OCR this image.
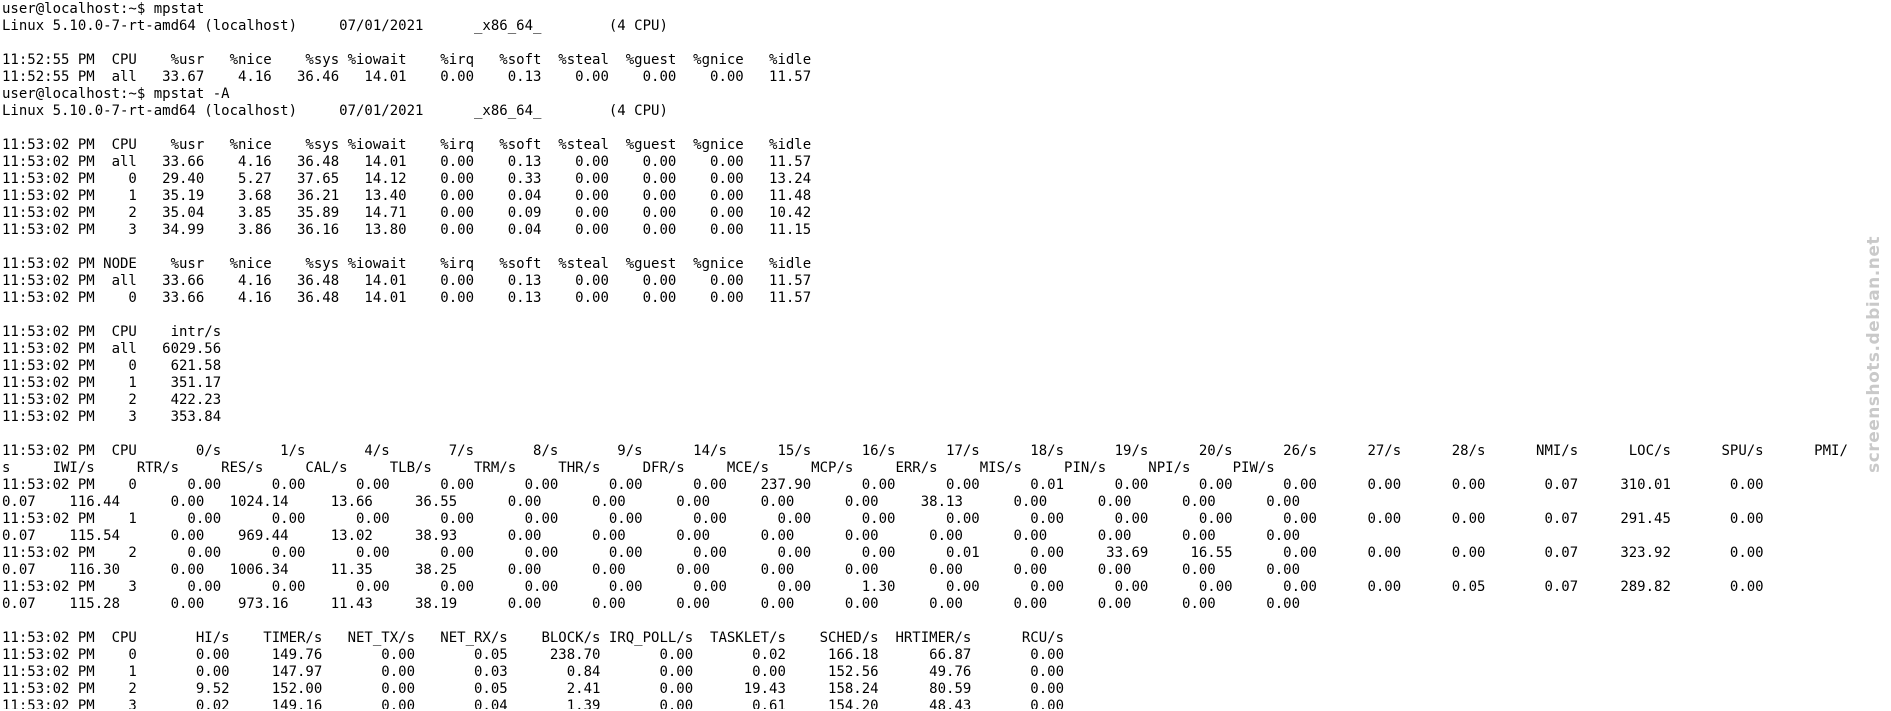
user@localhost:~$ mpstat
Linux 5.10.0-7-rt-amd64 (localhost)     07/01/2021      _x86_64_        (4 CPU)
11:52:55 PM  CPU    %usr   %nice    %sys %iowait    %irq   %soft  %steal  %guest  %gnice   %idle
11:52:55 PM  all   33.67    4.16   36.46   14.01    0.00    0.13    0.00    0.00    0.00   11.57
user@localhost:~$ mpstat -A
Linux 5.10.0-7-rt-amd64 (localhost)     07/01/2021      _x86_64_        (4 CPU)
11:53:02 PM  CPU    %usr   %nice    %sys %iowait    %irq   %soft  %steal  %guest  %gnice   %idle
11:53:02 PM  all   33.66    4.16   36.48   14.01    0.00    0.13    0.00    0.00    0.00   11.57
11:53:02 PM    0   29.40    5.27   37.65   14.12    0.00    0.33    0.00    0.00    0.00   13.24
11:53:02 PM    1   35.19    3.68   36.21   13.40    0.00    0.04    0.00    0.00    0.00   11.48
11:53:02 PM    2   35.04    3.85   35.89   14.71    0.00    0.09    0.00    0.00    0.00   10.42
11:53:02 PM    3   34.99    3.86   36.16   13.80    0.00    0.04    0.00    0.00    0.00   11.15
11:53:02 PM NODE    %usr   %nice    %sys %iowait    %irq   %soft  %steal  %guest  %gnice   %idle
11:53:02 PM  all   33.66    4.16   36.48   14.01    0.00    0.13    0.00    0.00    0.00   11.57
11:53:02 PM    0   33.66    4.16   36.48   14.01    0.00    0.13    0.00    0.00    0.00   11.57
11:53:02 PM  CPU    intr/s
11:53:02 PM  all   6029.56
11:53:02 PM    0    621.58
11:53:02 PM    1    351.17
11:53:02 PM    2    422.23
11:53:02 PM    3    353.84
11:53:02 PM  CPU       0/s       1/s       4/s       7/s       8/s       9/s      14/s      15/s      16/s      17/s      18/s      19/s      20/s      26/s      27/s      28/s      NMI/s      LOC/s      SPU/s      PMI/
s     IWI/s     RTR/s     RES/s     CAL/s     TLB/s     TRM/s     THR/s     DFR/s     MCE/s     MCP/s     ERR/s     MIS/s     PIN/s     NPI/s     PIW/s
11:53:02 PM    0      0.00      0.00      0.00      0.00      0.00      0.00      0.00    237.90      0.00      0.00      0.01      0.00      0.00      0.00      0.00      0.00       0.07     310.01       0.00
0.07    116.44      0.00   1024.14     13.66     36.55      0.00      0.00      0.00      0.00      0.00     38.13      0.00      0.00      0.00      0.00
11:53:02 PM    1      0.00      0.00      0.00      0.00      0.00      0.00      0.00      0.00      0.00      0.00      0.00      0.00      0.00      0.00      0.00      0.00       0.07     291.45       0.00
0.07    115.54      0.00    969.44     13.02     38.93      0.00      0.00      0.00      0.00      0.00      0.00      0.00      0.00      0.00      0.00
11:53:02 PM    2      0.00      0.00      0.00      0.00      0.00      0.00      0.00      0.00      0.00      0.01      0.00     33.69     16.55      0.00      0.00      0.00       0.07     323.92       0.00
0.07    116.30      0.00   1006.34     11.35     38.25      0.00      0.00      0.00      0.00      0.00      0.00      0.00      0.00      0.00      0.00
11:53:02 PM    3      0.00      0.00      0.00      0.00      0.00      0.00      0.00      0.00      1.30      0.00      0.00      0.00      0.00      0.00      0.00      0.05       0.07     289.82       0.00
0.07    115.28      0.00    973.16     11.43     38.19      0.00      0.00      0.00      0.00      0.00      0.00      0.00      0.00      0.00      0.00
11:53:02 PM  CPU       HI/s    TIMER/s   NET_TX/s   NET_RX/s    BLOCK/s IRQ_POLL/s  TASKLET/s    SCHED/s  HRTIMER/s      RCU/s
11:53:02 PM    0       0.00     149.76       0.00       0.05     238.70       0.00       0.02     166.18      66.87       0.00
11:53:02 PM    1       0.00     147.97       0.00       0.03       0.84       0.00       0.00     152.56      49.76       0.00
11:53:02 PM    2       9.52     152.00       0.00       0.05       2.41       0.00      19.43     158.24      80.59       0.00
11:53:02 PM    3       0.02     149.16       0.00       0.04       1.39       0.00       0.61     154.20      48.43       0.00
screenshots.debian.net
